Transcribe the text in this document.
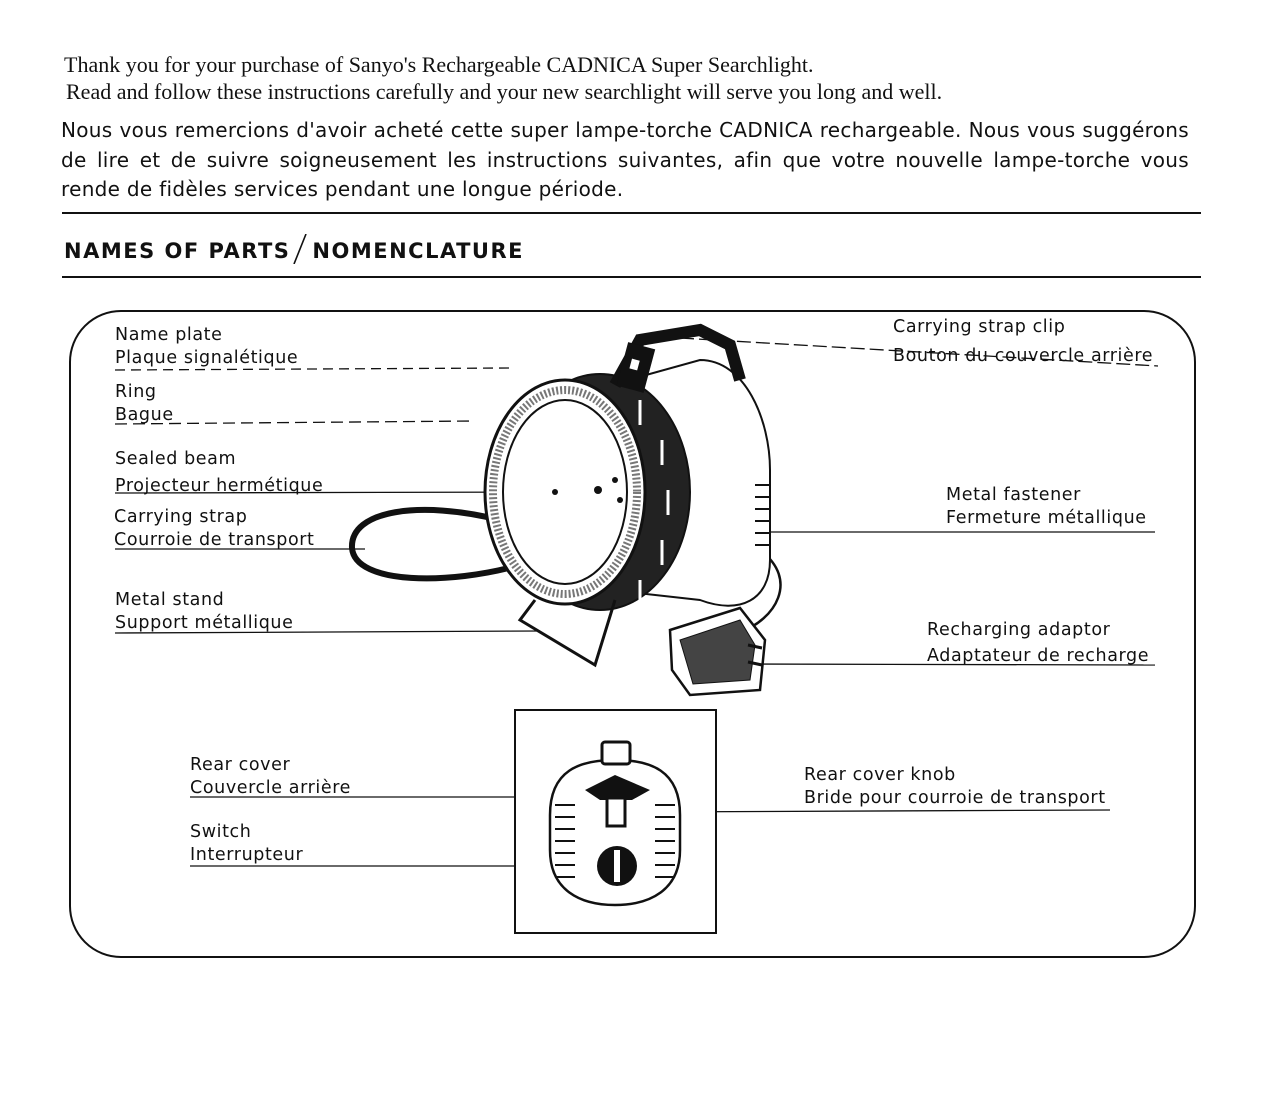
Thank you for your purchase of Sanyo's Rechargeable CADNICA Super Searchlight.
Read and follow these instructions carefully and your new searchlight will serve you long and well.
Nous vous remercions d'avoir acheté cette super lampe-torche CADNICA rechargeable. Nous vous suggérons de lire et de suivre soigneusement les instructions suivantes, afin que votre nouvelle lampe-torche vous rende de fidèles services pendant une longue période.
NAMES OF PARTS NOMENCLATURE
Name plate
Plaque signalétique
Ring
Bague
Sealed beam
Projecteur hermétique
Carrying strap
Courroie de transport
Metal stand
Support métallique
Carrying strap clip
Bouton du couvercle arrière
Metal fastener
Fermeture métallique
Recharging adaptor
Adaptateur de recharge
Rear cover
Couvercle arrière
Switch
Interrupteur
Rear cover knob
Bride pour courroie de transport
